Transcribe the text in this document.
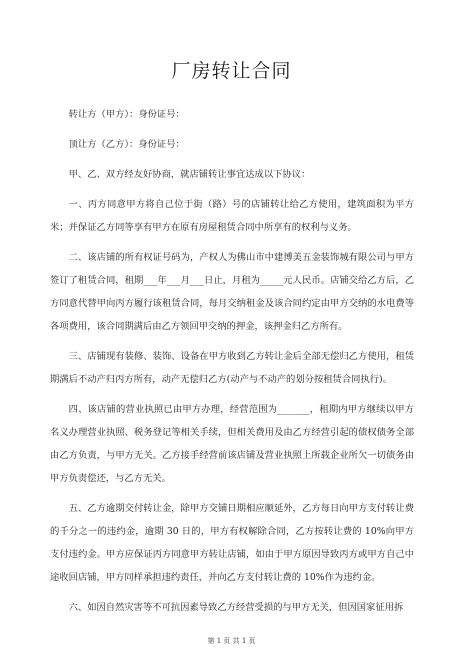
厂房转让合同

转让方（甲方）：身份证号：

顶让方（乙方）：身份证号：

甲、乙、双方经友好协商，就店铺转让事宜达成以下协议：

一、丙方同意甲方将自己位于街（路）号的店铺转让给乙方使用，建筑面积为平方米；并保证乙方同等享有甲方在原有房屋租赁合同中所享有的权利与义务。

二、该店铺的所有权证号码为，产权人为佛山市中建博美五金装饰城有限公司与甲方签订了租赁合同，租期___年___月___日止，月租为_____元人民币。店铺交给乙方后，乙方同意代替甲向丙方履行该租赁合同，每月交纳租金及该合同约定由甲方交纳的水电费等各项费用，该合同期满后由乙方领回甲交纳的押金，该押金归乙方所有。

三、店铺现有装修、装饰、设备在甲方收到乙方转让金后全部无偿归乙方使用，租赁期满后不动产归丙方所有，动产无偿归乙方(动产与不动产的划分按租赁合同执行)。

四、该店铺的营业执照已由甲方办理，经营范围为_______，租期内甲方继续以甲方名义办理营业执照、税务登记等相关手续，但相关费用及由乙方经营引起的债权债务全部由乙方负责，与甲方无关。乙方接手经营前该店铺及营业执照上所载企业所欠一切债务由甲方负责偿还，与乙方无关。

五、乙方逾期交付转让金，除甲方交铺日期相应顺延外，乙方每日向甲方支付转让费的千分之一的违约金，逾期 30 日的，甲方有权解除合同，乙方按转让费的 10%向甲方支付违约金。甲方应保证丙方同意甲方转让店铺，如由于甲方原因导致丙方或甲方自己中途收回店铺，甲方同样承担违约责任，并向乙方支付转让费的 10%作为违约金。

六、如因自然灾害等不可抗因素导致乙方经营受损的与甲方无关，但因国家征用拆

第 1 页 共 1 页
